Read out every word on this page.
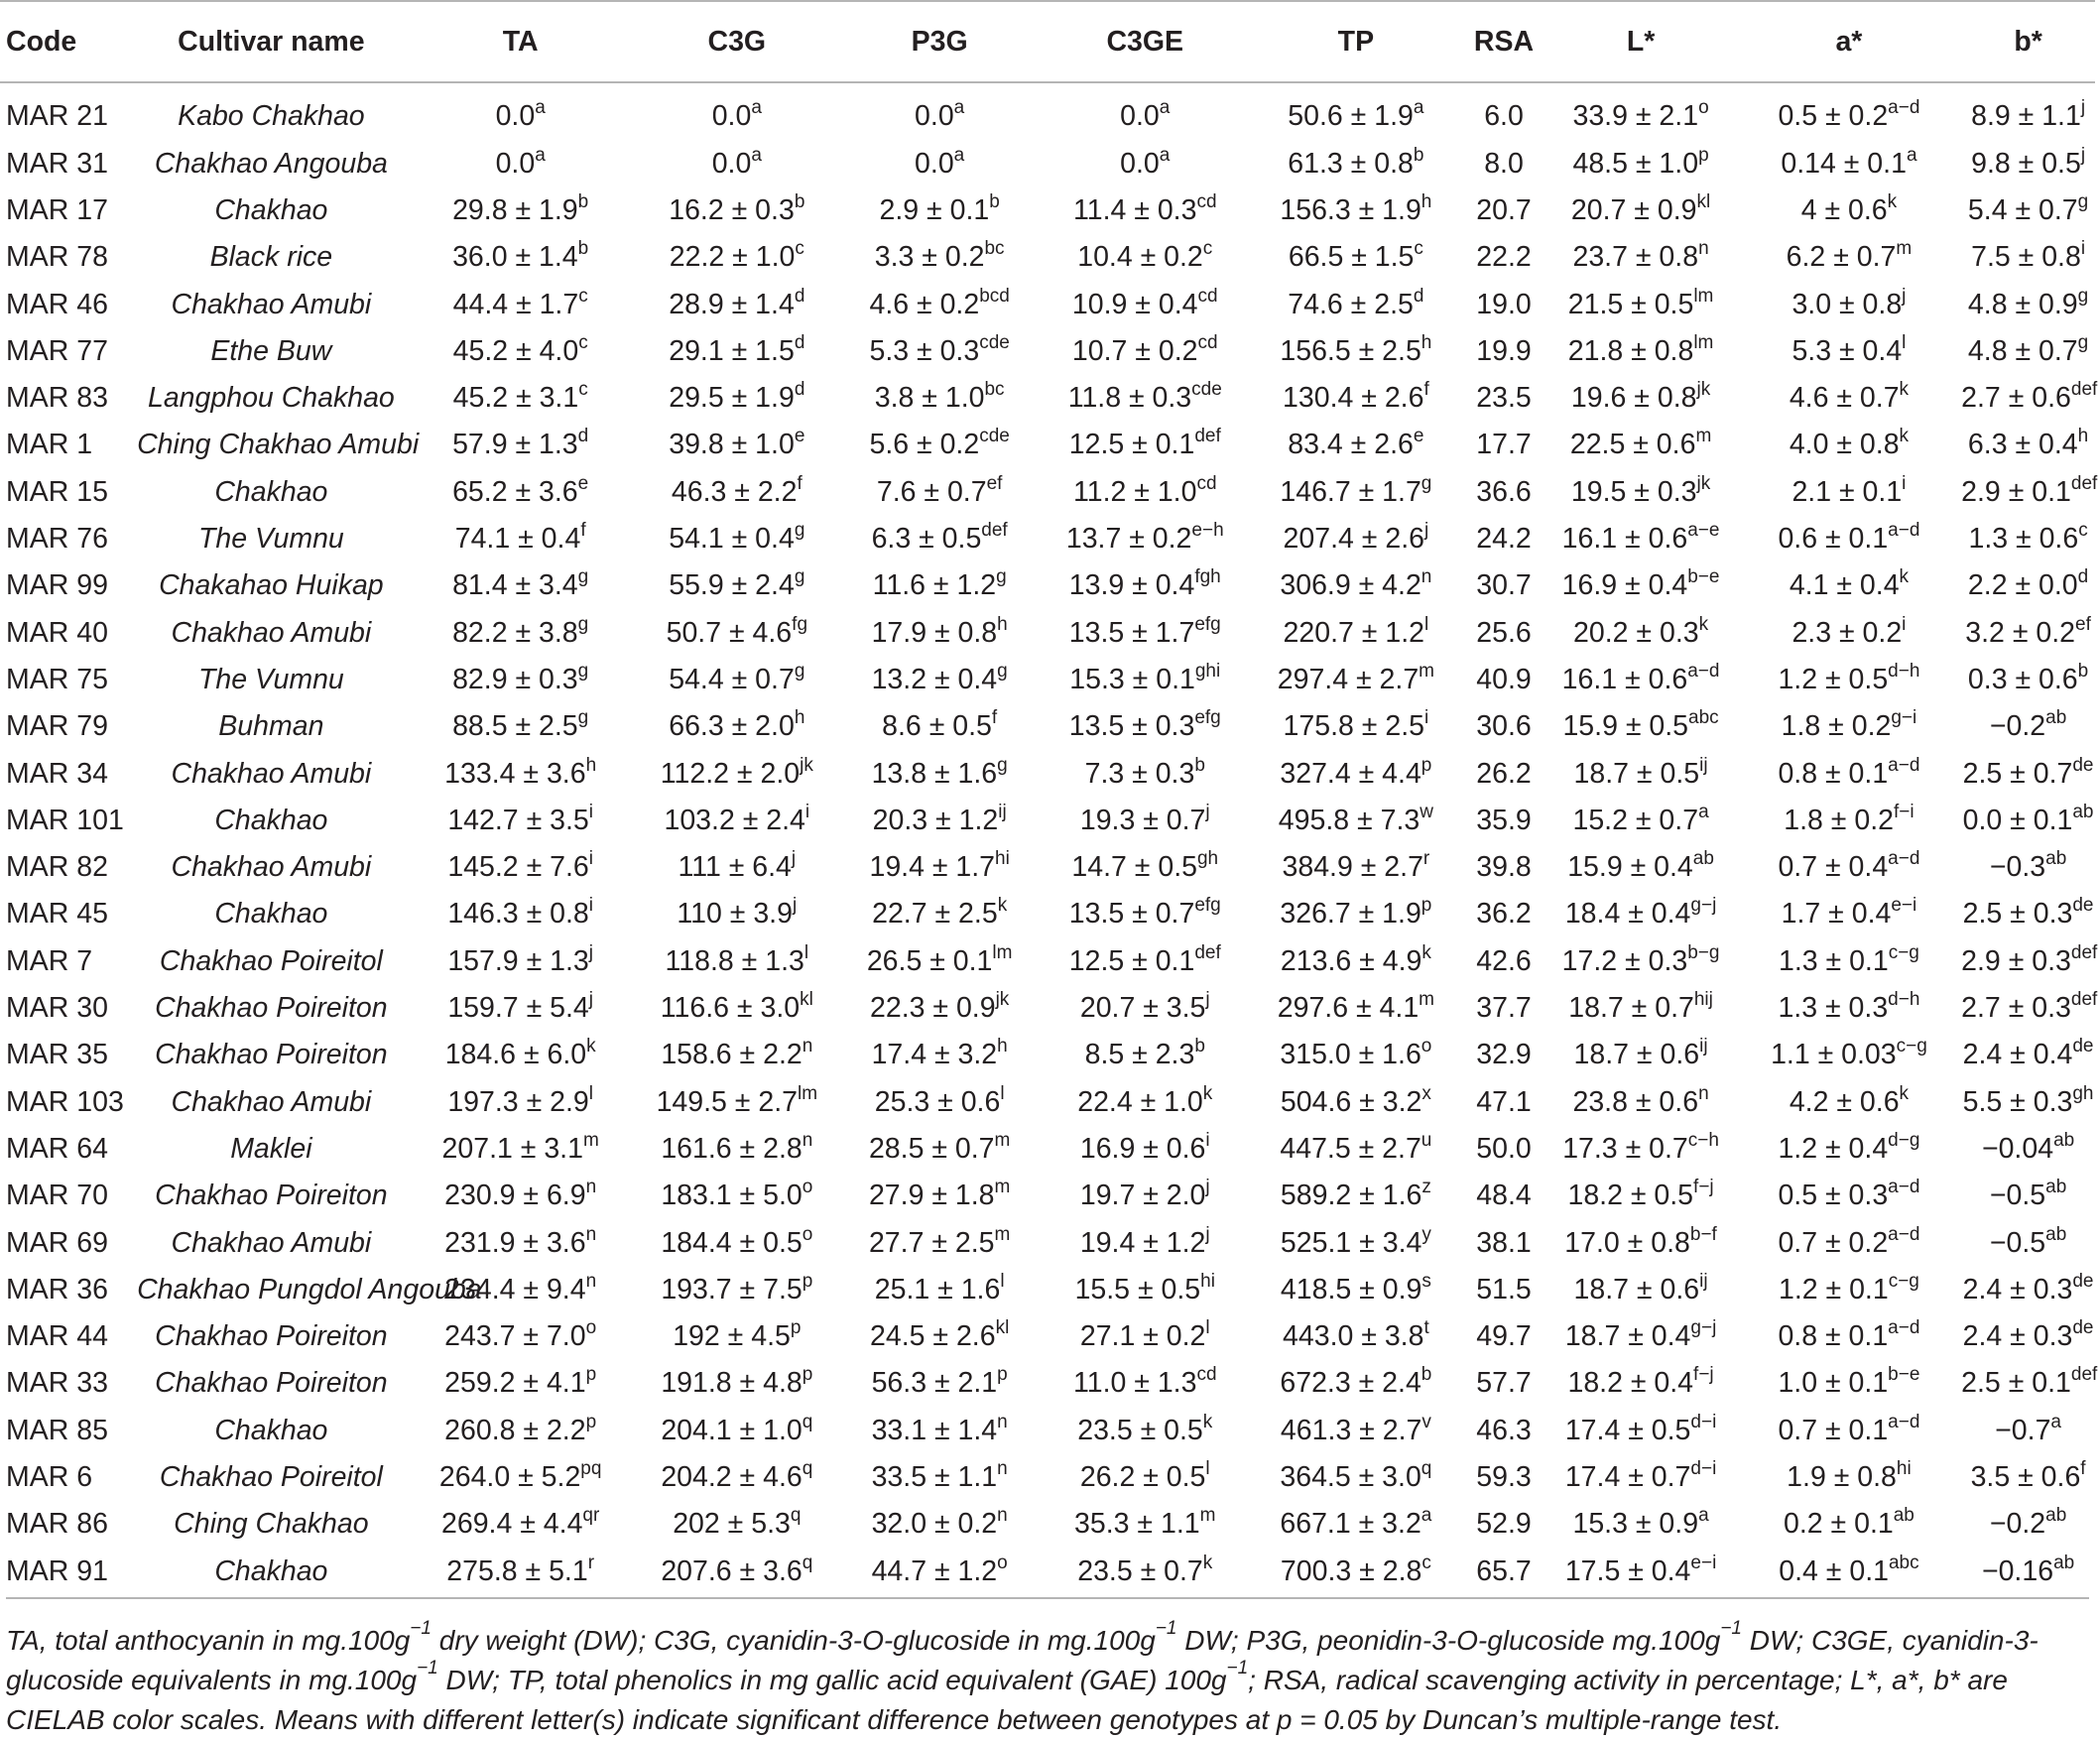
Code	Cultivar name	TA	C3G	P3G	C3GE	TP	RSA	L*	a*	b*
MAR 21	Kabo Chakhao	0.0$^a$	0.0$^a$	0.0$^a$	0.0$^a$	50.6 ± 1.9$^a$	6.0	$33.9 \pm 2.1^o$	$0.5 \pm 0.2^{a-d}$	$8.9 \pm 1.1^j$
MAR 31	Chakhao Angouba	0.0$^a$	0.0$^a$	0.0$^a$	0.0$^a$	61.3 ± 0.8$^b$	8.0	$48.5 \pm 1.0^p$	0.14 ± 0.1$^a$	$9.8 \pm 0.5^j$
MAR 17	Chakhao	29.8 ± 1.9$^b$	16.2 ± 0.3$^b$	2.9 ± 0.1$^b$	11.4 ± 0.3$^{cd}$	156.3 ± 1.9$^h$	20.7	$20.7 \pm 0.9^{kl}$	$4 \pm 0.6^k$	5.4 ± 0.7$^g$
MAR 78	Black rice	36.0 ± 1.4$^b$	22.2 ± 1.0$^c$	3.3 ± 0.2$^{bc}$	10.4 ± 0.2$^c$	66.5 ± 1.5$^c$	22.2	$23.7 \pm 0.8^n$	$6.2 \pm 0.7^m$	$7.5 \pm 0.8^i$
MAR 46	Chakhao Amubi	44.4 ± 1.7$^c$	28.9 ± 1.4$^d$	4.6 ± 0.2$^{bcd}$	10.9 ± 0.4$^{cd}$	74.6 ± 2.5$^d$	19.0	$21.5 \pm 0.5^{lm}$	$3.0 \pm 0.8^j$	4.8 ± 0.9$^g$
MAR 77	Ethe Buw	45.2 ± 4.0$^c$	29.1 ± 1.5$^d$	5.3 ± 0.3$^{cde}$	10.7 ± 0.2$^{cd}$	156.5 ± 2.5$^h$	19.9	$21.8 \pm 0.8^{lm}$	$5.3 \pm 0.4^l$	4.8 ± 0.7$^g$
MAR 83	Langphou Chakhao	45.2 ± 3.1$^c$	29.5 ± 1.9$^d$	3.8 ± 1.0$^{bc}$	11.8 ± 0.3$^{cde}$	130.4 ± 2.6$^f$	23.5	$19.6 \pm 0.8^{jk}$	$4.6 \pm 0.7^k$	2.7 ± 0.6$^{def}$
MAR 1	Ching Chakhao Amubi	57.9 ± 1.3$^d$	39.8 ± 1.0$^e$	5.6 ± 0.2$^{cde}$	12.5 ± 0.1$^{def}$	83.4 ± 2.6$^e$	17.7	$22.5 \pm 0.6^m$	$4.0 \pm 0.8^k$	6.3 ± 0.4$^h$
MAR 15	Chakhao	65.2 ± 3.6$^e$	46.3 ± 2.2$^f$	7.6 ± 0.7$^{ef}$	11.2 ± 1.0$^{cd}$	146.7 ± 1.7$^g$	36.6	$19.5 \pm 0.3^{jk}$	$2.1 \pm 0.1^i$	2.9 ± 0.1$^{def}$
MAR 76	The Vumnu	74.1 ± 0.4$^f$	54.1 ± 0.4$^g$	6.3 ± 0.5$^{def}$	$13.7 \pm 0.2^{e-h}$	$207.4 \pm 2.6^j$	24.2	$16.1 \pm 0.6^{a-e}$	$0.6 \pm 0.1^{a-d}$	1.3 ± 0.6$^c$
MAR 99	Chakahao Huikap	81.4 ± 3.4$^g$	55.9 ± 2.4$^g$	11.6 ± 1.2$^g$	13.9 ± 0.4$^{fgh}$	$306.9 \pm 4.2^n$	30.7	$16.9 \pm 0.4^{b-e}$	$4.1 \pm 0.4^k$	2.2 ± 0.0$^d$
MAR 40	Chakhao Amubi	82.2 ± 3.8$^g$	50.7 ± 4.6$^{fg}$	17.9 ± 0.8$^h$	13.5 ± 1.7$^{efg}$	$220.7 \pm 1.2^l$	25.6	$20.2 \pm 0.3^k$	$2.3 \pm 0.2^i$	3.2 ± 0.2$^{ef}$
MAR 75	The Vumnu	82.9 ± 0.3$^g$	54.4 ± 0.7$^g$	13.2 ± 0.4$^g$	$15.3 \pm 0.1^{ghi}$	$297.4 \pm 2.7^m$	40.9	$16.1 \pm 0.6^{a-d}$	$1.2 \pm 0.5^{d-h}$	0.3 ± 0.6$^b$
MAR 79	Buhman	88.5 ± 2.5$^g$	66.3 ± 2.0$^h$	8.6 ± 0.5$^f$	13.5 ± 0.3$^{efg}$	$175.8 \pm 2.5^i$	30.6	15.9 ± 0.5$^{abc}$	$1.8 \pm 0.2^{g-i}$	−0.2$^{ab}$
MAR 34	Chakhao Amubi	133.4 ± 3.6$^h$	$112.2 \pm 2.0^{jk}$	13.8 ± 1.6$^g$	7.3 ± 0.3$^b$	$327.4 \pm 4.4^p$	26.2	$18.7 \pm 0.5^{ij}$	$0.8 \pm 0.1^{a-d}$	2.5 ± 0.7de
MAR 101	Chakhao	$142.7 \pm 3.5^i$	$103.2 \pm 2.4^i$	$20.3 \pm 1.2^{ij}$	$19.3 \pm 0.7^j$	$495.8 \pm 7.3^w$	35.9	15.2 ± 0.7$^a$	$1.8 \pm 0.2^{f-i}$	0.0 ± 0.1$^{ab}$
MAR 82	Chakhao Amubi	$145.2 \pm 7.6^i$	$111 \pm 6.4^j$	$19.4 \pm 1.7^{hi}$	14.7 ± 0.5$^{gh}$	$384.9 \pm 2.7^r$	39.8	15.9 ± 0.4$^{ab}$	$0.7 \pm 0.4^{a-d}$	−0.3$^{ab}$
MAR 45	Chakhao	$146.3 \pm 0.8^i$	$110 \pm 3.9^j$	$22.7 \pm 2.5^k$	13.5 ± 0.7$^{efg}$	$326.7 \pm 1.9^p$	36.2	$18.4 \pm 0.4^{g-j}$	$1.7 \pm 0.4^{e-i}$	2.5 ± 0.3de
MAR 7	Chakhao Poireitol	$157.9 \pm 1.3^j$	$118.8 \pm 1.3^l$	$26.5 \pm 0.1^{lm}$	12.5 ± 0.1$^{def}$	$213.6 \pm 4.9^k$	42.6	$17.2 \pm 0.3^{b-g}$	$1.3 \pm 0.1^{c-g}$	2.9 ± 0.3$^{def}$
MAR 30	Chakhao Poireiton	$159.7 \pm 5.4^j$	$116.6 \pm 3.0^{kl}$	$22.3 \pm 0.9^{jk}$	$20.7 \pm 3.5^j$	$297.6 \pm 4.1^m$	37.7	$18.7 \pm 0.7^{hij}$	$1.3 \pm 0.3^{d-h}$	2.7 ± 0.3$^{def}$
MAR 35	Chakhao Poireiton	$184.6 \pm 6.0^k$	$158.6 \pm 2.2^n$	17.4 ± 3.2$^h$	8.5 ± 2.3$^b$	$315.0 \pm 1.6^o$	32.9	$18.7 \pm 0.6^{ij}$	$1.1 \pm 0.03^{c-g}$	2.4 ± 0.4de
MAR 103	Chakhao Amubi	$197.3 \pm 2.9^l$	$149.5 \pm 2.7^{lm}$	$25.3 \pm 0.6^l$	$22.4 \pm 1.0^k$	$504.6 \pm 3.2^x$	47.1	$23.8 \pm 0.6^n$	$4.2 \pm 0.6^k$	5.5 ± 0.3$^{gh}$
MAR 64	Maklei	$207.1 \pm 3.1^m$	$161.6 \pm 2.8^n$	$28.5 \pm 0.7^m$	$16.9 \pm 0.6^i$	$447.5 \pm 2.7^u$	50.0	$17.3 \pm 0.7^{c-h}$	$1.2 \pm 0.4^{d-g}$	−0.04$^{ab}$
MAR 70	Chakhao Poireiton	$230.9 \pm 6.9^n$	$183.1 \pm 5.0^o$	$27.9 \pm 1.8^m$	$19.7 \pm 2.0^j$	$589.2 \pm 1.6^z$	48.4	$18.2 \pm 0.5^{f-j}$	$0.5 \pm 0.3^{a-d}$	−0.5$^{ab}$
MAR 69	Chakhao Amubi	$231.9 \pm 3.6^n$	$184.4 \pm 0.5^o$	$27.7 \pm 2.5^m$	$19.4 \pm 1.2^j$	$525.1 \pm 3.4^y$	38.1	$17.0 \pm 0.8^{b-f}$	$0.7 \pm 0.2^{a-d}$	−0.5$^{ab}$
MAR 36	Chakhao Pungdol Angouba	$234.4 \pm 9.4^n$	$193.7 \pm 7.5^p$	$25.1 \pm 1.6^l$	$15.5 \pm 0.5^{hi}$	$418.5 \pm 0.9^s$	51.5	$18.7 \pm 0.6^{ij}$	$1.2 \pm 0.1^{c-g}$	2.4 ± 0.3de
MAR 44	Chakhao Poireiton	$243.7 \pm 7.0^o$	$192 \pm 4.5^p$	$24.5 \pm 2.6^{kl}$	$27.1 \pm 0.2^l$	$443.0 \pm 3.8^t$	49.7	$18.7 \pm 0.4^{g-j}$	$0.8 \pm 0.1^{a-d}$	2.4 ± 0.3de
MAR 33	Chakhao Poireiton	$259.2 \pm 4.1^p$	$191.8 \pm 4.8^p$	$56.3 \pm 2.1^p$	11.0 ± 1.3$^{cd}$	672.3 ± 2.4$^b$	57.7	$18.2 \pm 0.4^{f-j}$	$1.0 \pm 0.1^{b-e}$	2.5 ± 0.1$^{def}$
MAR 85	Chakhao	$260.8 \pm 2.2^p$	$204.1 \pm 1.0^q$	$33.1 \pm 1.4^n$	$23.5 \pm 0.5^k$	$461.3 \pm 2.7^v$	46.3	$17.4 \pm 0.5^{d-i}$	$0.7 \pm 0.1^{a-d}$	−0.7$^a$
MAR 6	Chakhao Poireitol	$264.0 \pm 5.2^{pq}$	$204.2 \pm 4.6^q$	$33.5 \pm 1.1^n$	$26.2 \pm 0.5^l$	$364.5 \pm 3.0^q$	59.3	$17.4 \pm 0.7^{d-i}$	$1.9 \pm 0.8^{hi}$	3.5 ± 0.6$^f$
MAR 86	Ching Chakhao	$269.4 \pm 4.4^{qr}$	$202 \pm 5.3^q$	$32.0 \pm 0.2^n$	$35.3 \pm 1.1^m$	667.1 ± 3.2$^a$	52.9	15.3 ± 0.9$^a$	0.2 ± 0.1$^{ab}$	−0.2$^{ab}$
MAR 91	Chakhao	$275.8 \pm 5.1^r$	$207.6 \pm 3.6^q$	$44.7 \pm 1.2^o$	$23.5 \pm 0.7^k$	700.3 ± 2.8$^c$	65.7	$17.5 \pm 0.4^{e-i}$	0.4 ± 0.1$^{abc}$	−0.16$^{ab}$
TA, total anthocyanin in $mg.100g^{-1}$ dry weight (DW); C3G, cyanidin-3-O-glucoside in $mg.100g^{-1}$ DW; P3G, peonidin-3-O-glucoside $mg.100g^{-1}$ DW; C3GE, cyanidin-3-glucoside equivalents in $mg.100g^{-1}$ DW; TP, total phenolics in mg gallic acid equivalent (GAE) $100g^{-1}$; RSA, radical scavenging activity in percentage; L*, a*, b* are CIELAB color scales. Means with different letter(s) indicate significant difference between genotypes at p = 0.05 by Duncan’s multiple-range test.
